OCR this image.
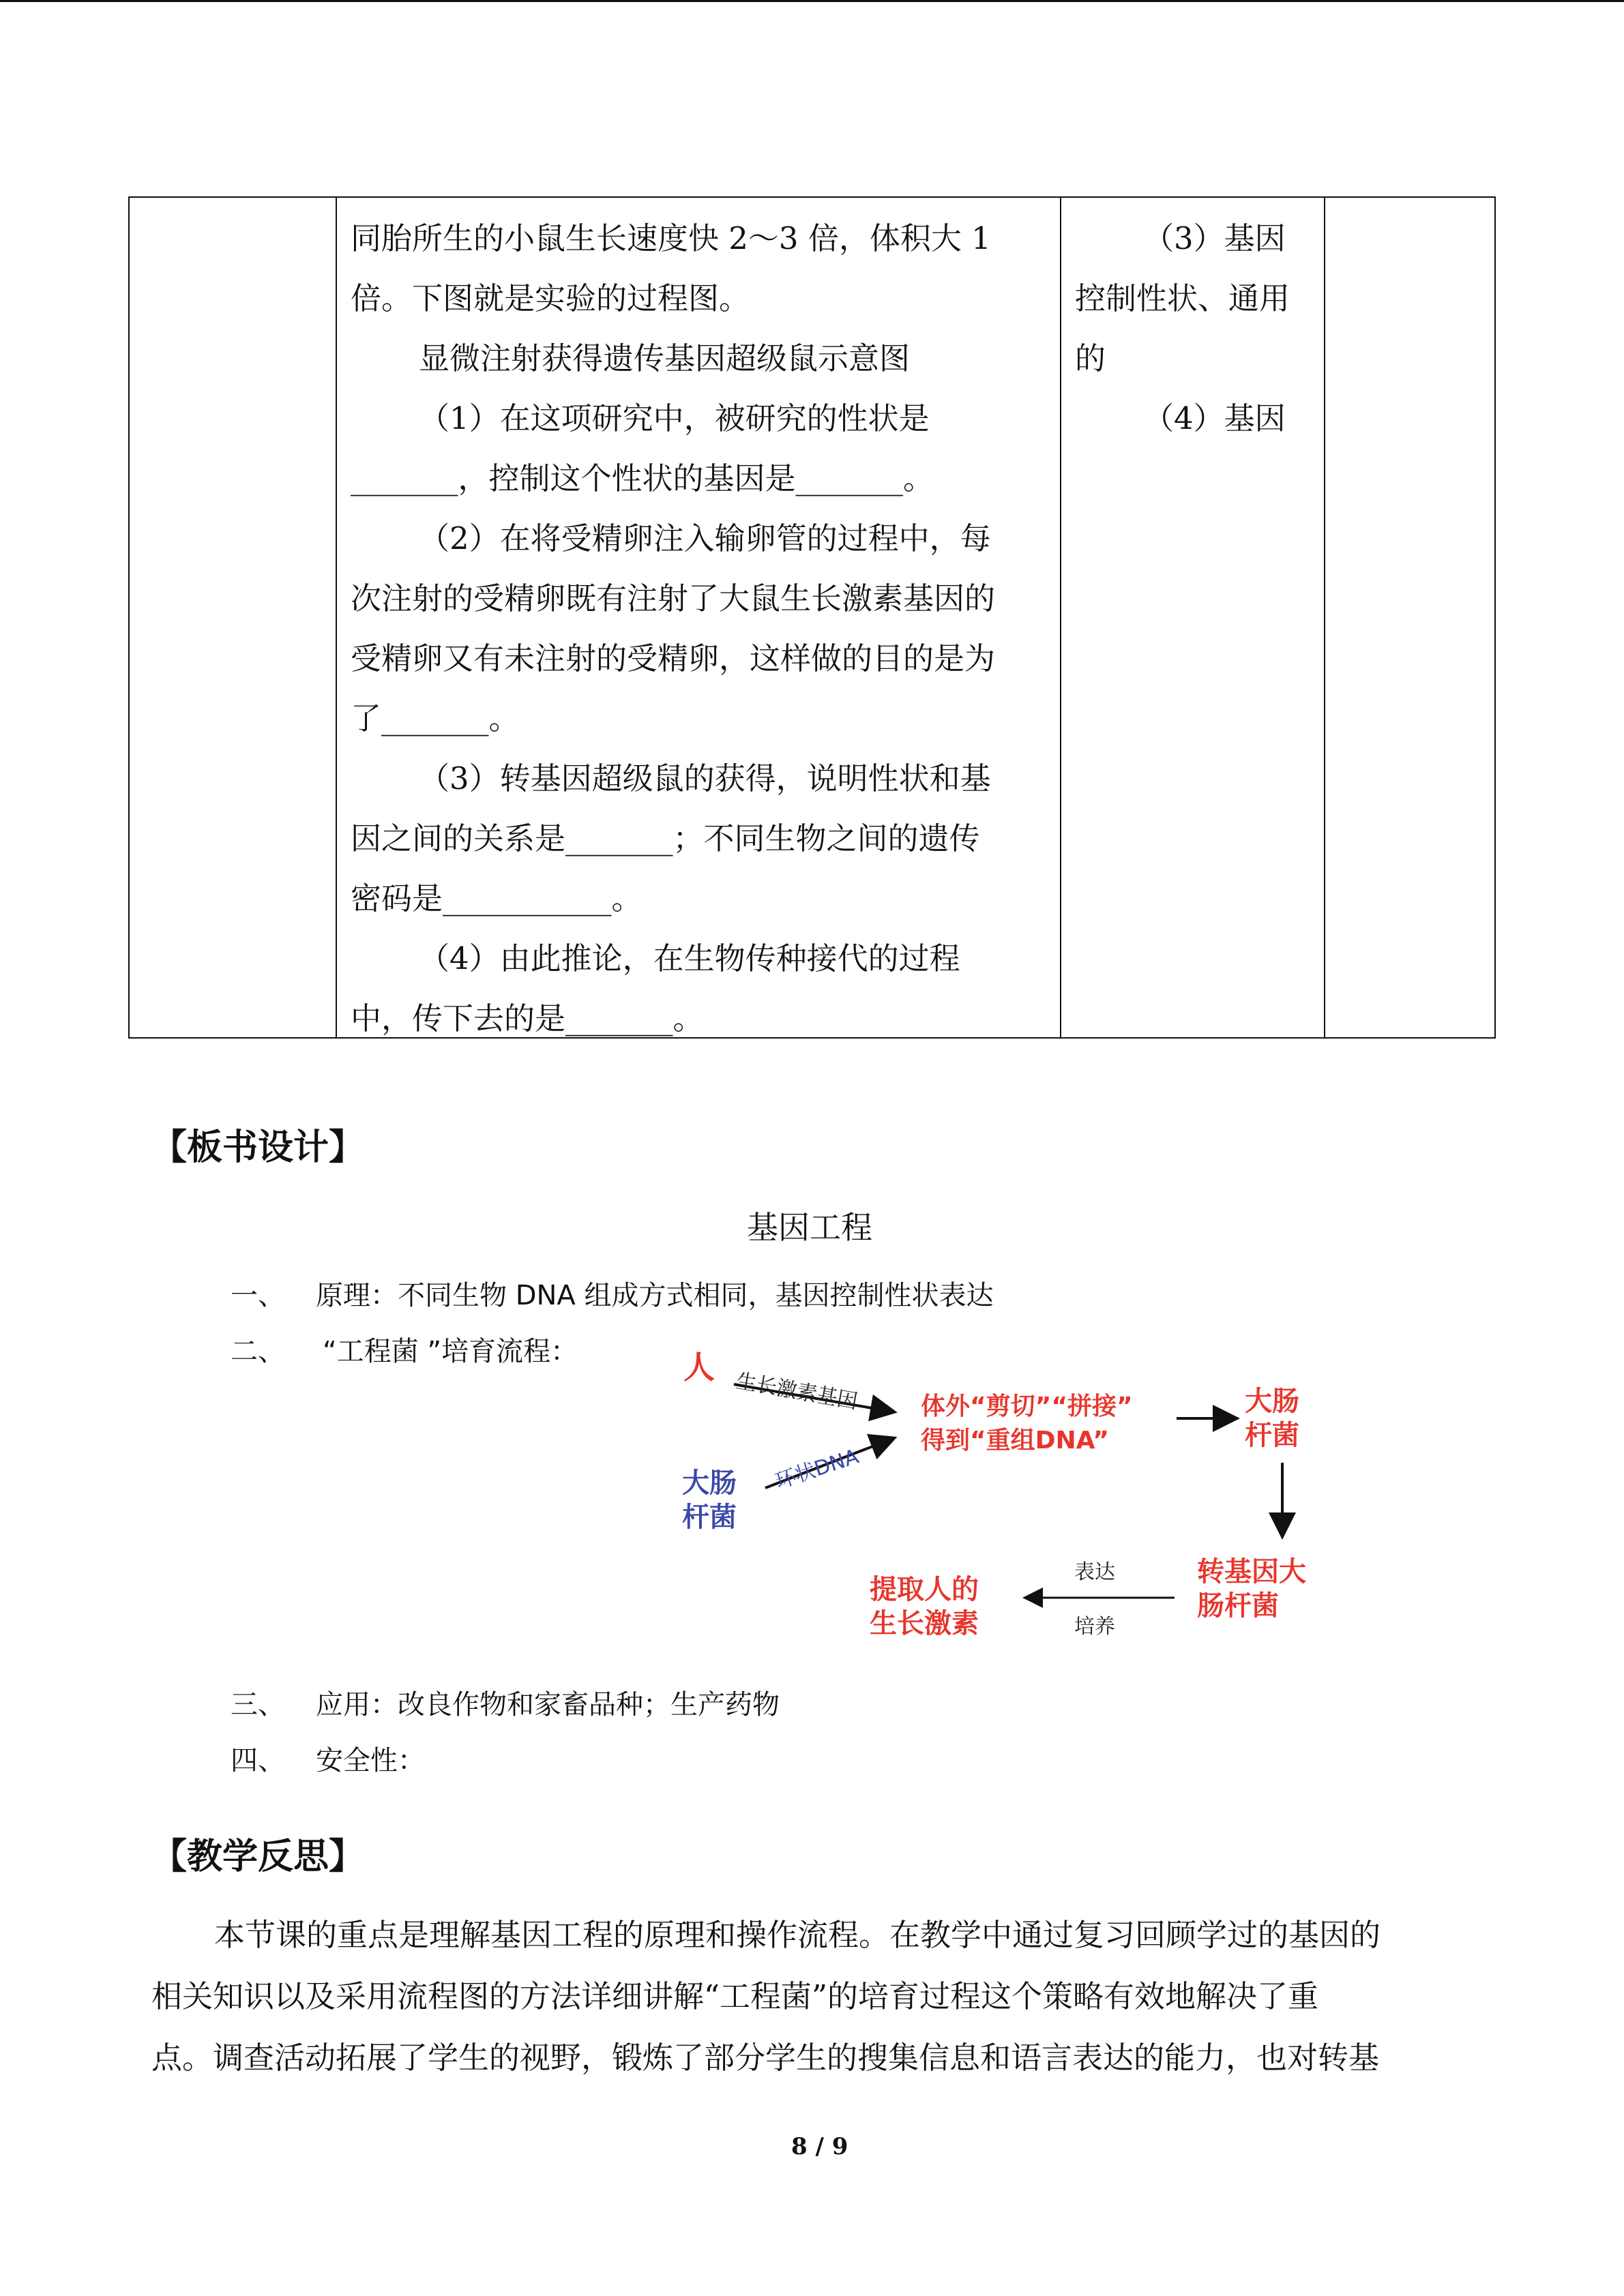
同胎所生的小鼠生长速度快 2～3 倍，体积大 1

倍。下图就是实验的过程图。

显微注射获得遗传基因超级鼠示意图

（1）在这项研究中，被研究的性状是

_______，控制这个性状的基因是_______。

（2）在将受精卵注入输卵管的过程中，每

次注射的受精卵既有注射了大鼠生长激素基因的

受精卵又有未注射的受精卵，这样做的目的是为

了_______。

（3）转基因超级鼠的获得，说明性状和基

因之间的关系是_______；不同生物之间的遗传

密码是___________。

（4）由此推论，在生物传种接代的过程

中，传下去的是_______。

（3）基因

控制性状、通用

的

（4）基因

【板书设计】
基因工程
一、 原理：不同生物 DNA 组成方式相同，基因控制性状表达
二、 “工程菌 ”培育流程：
三、 应用：改良作物和家畜品种；生产药物
四、 安全性：
人
生长激素基因
大肠
杆菌
环状DNA
体外“剪切”“拼接”
得到“重组DNA”
大肠
杆菌
转基因大
肠杆菌
表达
培养
提取人的
生长激素
【教学反思】
本节课的重点是理解基因工程的原理和操作流程。在教学中通过复习回顾学过的基因的
相关知识以及采用流程图的方法详细讲解“工程菌”的培育过程这个策略有效地解决了重
点。调查活动拓展了学生的视野，锻炼了部分学生的搜集信息和语言表达的能力，也对转基
8 / 9
